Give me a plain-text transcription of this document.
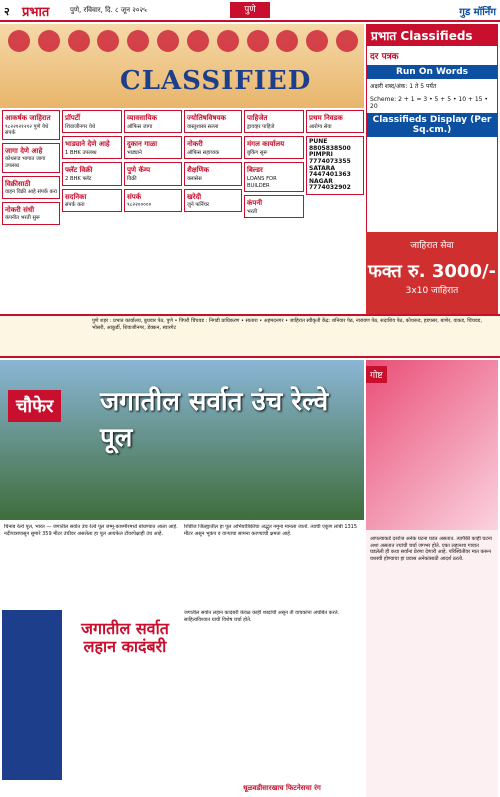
२ प्रभात	पुणे, रविवार, दि. ८ जून २०२५	पुणे	गुड मॉर्निंग
CLASSIFIED
आकर्षक जाहिरात
९८२२१२१२१२ पुणे येथे संपर्क
जागा देणे आहे
कोथरूड भागात जागा उपलब्ध
विक्रीसाठी
वाहन विक्री आहे संपर्क करा
नोकरी संधी
कंपनीत भरती सुरू
प्रॉपर्टी
शिवाजीनगर येथे
भाड्याने देणे आहे
1 BHK उपलब्ध
फ्लॅट विक्री
2 BHK फ्लॅट
सदनिका
संपर्क करा
व्यावसायिक
ऑफिस जागा
दुकान गाळा
भाड्याने
पुणे कॅम्प
विक्री
संपर्क
९८२२०००००
ज्योतिषविषयक
वास्तुशास्त्र सल्ला
नोकरी
ऑफिस सहाय्यक
शैक्षणिक
क्लासेस
खरेदी
जुने फर्निचर
पाहिजेत
ड्रायव्हर पाहिजे
मंगल कार्यालय
बुकिंग सुरू
बिल्डर
LOANS FOR BUILDER
कंपनी
भरती
प्रथम निवडक
आरोग्य सेवा
PUNE 8805838500
PIMPRI 7774073355
SATARA 7447401363
NAGAR 7774032902
प्रभात Classifieds
दर पत्रक
Run On Words
अक्षरी शब्द/अंक: 1 ते 5 पर्यंत
Scheme: 2 + 1 = 3 • 5 + 5 • 10 + 15 • 20
Classifieds Display (Per Sq.cm.)
जाहिरात सेवा
फक्त रु. 3000/-
3x10 जाहिरात
पुणे शहर : प्रभात कार्यालय, बुधवार पेठ, पुणे • पिंपरी चिंचवड : निगडी प्राधिकरण • सातारा • अहमदनगर • जाहिरात स्वीकृती केंद्र: शनिवार पेठ, नारायण पेठ, सदाशिव पेठ, कोथरूड, हडपसर, बाणेर, वाकड, चिंचवड, भोसरी, आकुर्डी, शिवाजीनगर, डेक्कन, स्वारगेट
चौफेर	जगातील सर्वात उंच रेल्वे पूल
चिनाब रेल्वे पूल, भारत — जगातील सर्वात उंच रेल्वे पूल जम्मू-काश्मीरमध्ये बांधण्यात आला आहे. नदीपात्रापासून सुमारे 359 मीटर उंचीवर असलेला हा पूल आयफेल टॉवरपेक्षाही उंच आहे.
शिंबीज जिल्ह्यातील हा पूल अभियांत्रिकीचा अद्भुत नमुना मानला जातो. त्याची एकूण लांबी 1315 मीटर असून भूकंप व वाऱ्याचा सामना करण्याची क्षमता आहे.
जगातील सर्वात लहान कादंबरी
जगातील सर्वात लहान कादंबरी केवळ काही शब्दांची असून ती वाचकांना अचंबित करते. साहित्यविश्वात याची विशेष चर्चा होते.
गोष्ट
आपल्याकडे दररोज अनेक घटना घडत असतात. त्यापैकी काही घटना अशा असतात ज्यांची चर्चा जगभर होते. एका लहानशा गावात घडलेली ही कथा सर्वांना प्रेरणा देणारी आहे. परिस्थितीवर मात करून यशस्वी होण्याचा हा प्रवास अनेकांसाठी आदर्श ठरतो.
धूळवडीसारखाच फिटनेसचा रंग
